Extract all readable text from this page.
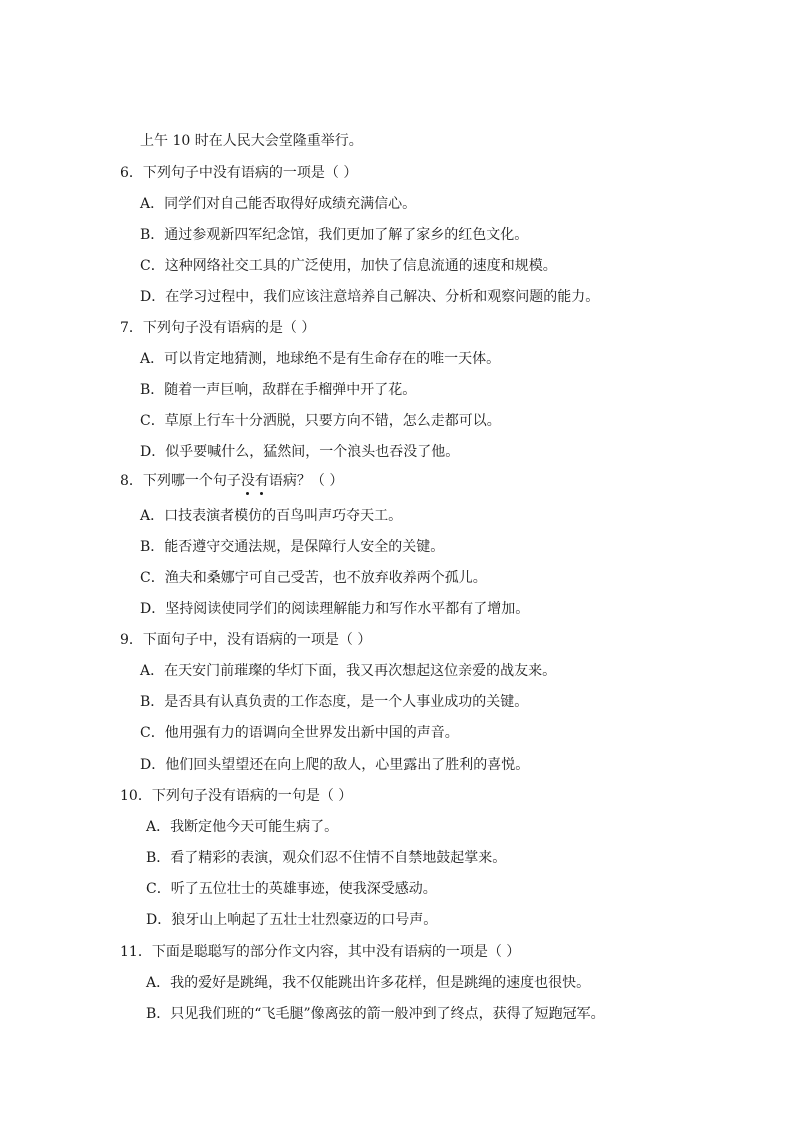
上午 10 时在人民大会堂隆重举行。
6．下列句子中没有语病的一项是（ ）
A．同学们对自己能否取得好成绩充满信心。
B．通过参观新四军纪念馆，我们更加了解了家乡的红色文化。
C．这种网络社交工具的广泛使用，加快了信息流通的速度和规模。
D．在学习过程中，我们应该注意培养自己解决、分析和观察问题的能力。
7．下列句子没有语病的是（ ）
A．可以肯定地猜测，地球绝不是有生命存在的唯一天体。
B．随着一声巨响，敌群在手榴弹中开了花。
C．草原上行车十分洒脱，只要方向不错，怎么走都可以。
D．似乎要喊什么，猛然间，一个浪头也吞没了他。
8．下列哪一个句子没有语病？（ ）
A．口技表演者模仿的百鸟叫声巧夺天工。
B．能否遵守交通法规，是保障行人安全的关键。
C．渔夫和桑娜宁可自己受苦，也不放弃收养两个孤儿。
D．坚持阅读使同学们的阅读理解能力和写作水平都有了增加。
9．下面句子中，没有语病的一项是（ ）
A．在天安门前璀璨的华灯下面，我又再次想起这位亲爱的战友来。
B．是否具有认真负责的工作态度，是一个人事业成功的关键。
C．他用强有力的语调向全世界发出新中国的声音。
D．他们回头望望还在向上爬的敌人，心里露出了胜利的喜悦。
10．下列句子没有语病的一句是（ ）
A．我断定他今天可能生病了。
B．看了精彩的表演，观众们忍不住情不自禁地鼓起掌来。
C．听了五位壮士的英雄事迹，使我深受感动。
D．狼牙山上响起了五壮士壮烈豪迈的口号声。
11．下面是聪聪写的部分作文内容，其中没有语病的一项是（ ）
A．我的爱好是跳绳，我不仅能跳出许多花样，但是跳绳的速度也很快。
B．只见我们班的“飞毛腿”像离弦的箭一般冲到了终点，获得了短跑冠军。
